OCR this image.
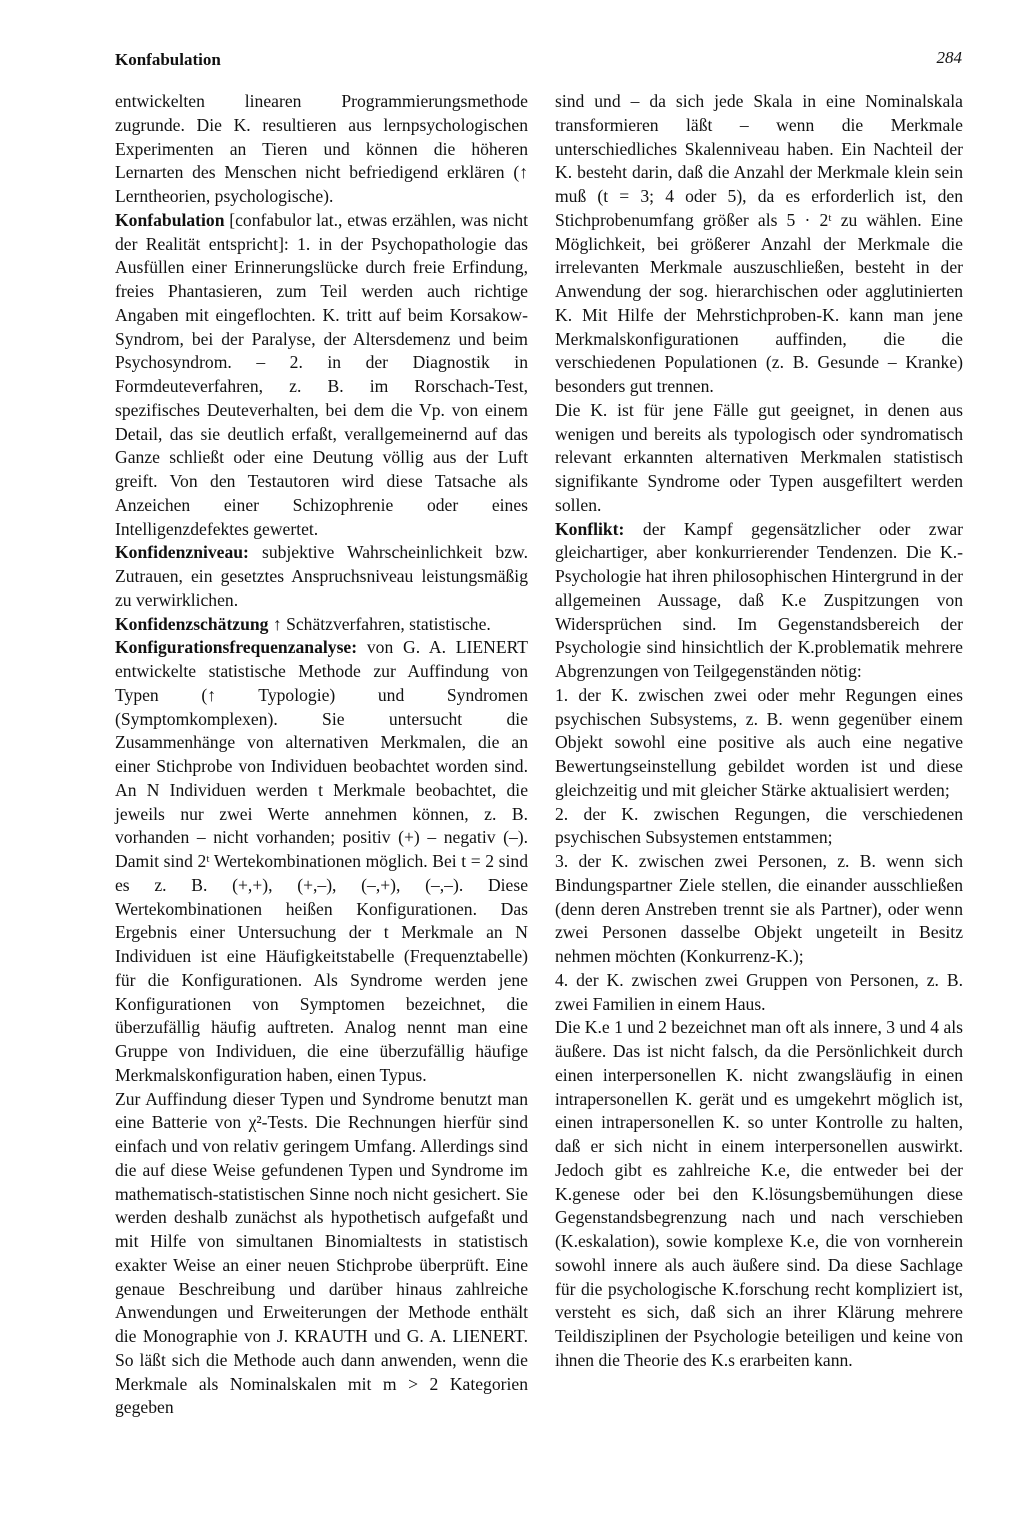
Konfabulation	284

entwickelten linearen Programmierungsmethode zugrunde. Die K. resultieren aus lernpsychologischen Experimenten an Tieren und können die höheren Lernarten des Menschen nicht befriedigend erklären (↑ Lerntheorien, psychologische).

Konfabulation [confabulor lat., etwas erzählen, was nicht der Realität entspricht]: 1. in der Psychopathologie das Ausfüllen einer Erinnerungslücke durch freie Erfindung, freies Phantasieren, zum Teil werden auch richtige Angaben mit eingeflochten. K. tritt auf beim Korsakow-Syndrom, bei der Paralyse, der Altersdemenz und beim Psychosyndrom. – 2. in der Diagnostik in Formdeuteverfahren, z. B. im Rorschach-Test, spezifisches Deuteverhalten, bei dem die Vp. von einem Detail, das sie deutlich erfaßt, verallgemeinernd auf das Ganze schließt oder eine Deutung völlig aus der Luft greift. Von den Testautoren wird diese Tatsache als Anzeichen einer Schizophrenie oder eines Intelligenzdefektes gewertet.

Konfidenzniveau: subjektive Wahrscheinlichkeit bzw. Zutrauen, ein gesetztes Anspruchsniveau leistungsmäßig zu verwirklichen.

Konfidenzschätzung ↑ Schätzverfahren, statistische.

Konfigurationsfrequenzanalyse: von G. A. LIENERT entwickelte statistische Methode zur Auffindung von Typen (↑ Typologie) und Syndromen (Symptomkomplexen). Sie untersucht die Zusammenhänge von alternativen Merkmalen, die an einer Stichprobe von Individuen beobachtet worden sind. An N Individuen werden t Merkmale beobachtet, die jeweils nur zwei Werte annehmen können, z. B. vorhanden – nicht vorhanden; positiv (+) – negativ (–). Damit sind 2ᵗ Wertekombinationen möglich. Bei t = 2 sind es z. B. (+,+), (+,–), (–,+), (–,–). Diese Wertekombinationen heißen Konfigurationen. Das Ergebnis einer Untersuchung der t Merkmale an N Individuen ist eine Häufigkeitstabelle (Frequenztabelle) für die Konfigurationen. Als Syndrome werden jene Konfigurationen von Symptomen bezeichnet, die überzufällig häufig auftreten. Analog nennt man eine Gruppe von Individuen, die eine überzufällig häufige Merkmalskonfiguration haben, einen Typus.

Zur Auffindung dieser Typen und Syndrome benutzt man eine Batterie von χ²-Tests. Die Rechnungen hierfür sind einfach und von relativ geringem Umfang. Allerdings sind die auf diese Weise gefundenen Typen und Syndrome im mathematisch-statistischen Sinne noch nicht gesichert. Sie werden deshalb zunächst als hypothetisch aufgefaßt und mit Hilfe von simultanen Binomialtests in statistisch exakter Weise an einer neuen Stichprobe überprüft. Eine genaue Beschreibung und darüber hinaus zahlreiche Anwendungen und Erweiterungen der Methode enthält die Monographie von J. KRAUTH und G. A. LIENERT. So läßt sich die Methode auch dann anwenden, wenn die Merkmale als Nominalskalen mit m > 2 Kategorien gegeben

sind und – da sich jede Skala in eine Nominalskala transformieren läßt – wenn die Merkmale unterschiedliches Skalenniveau haben. Ein Nachteil der K. besteht darin, daß die Anzahl der Merkmale klein sein muß (t = 3; 4 oder 5), da es erforderlich ist, den Stichprobenumfang größer als 5 · 2ᵗ zu wählen. Eine Möglichkeit, bei größerer Anzahl der Merkmale die irrelevanten Merkmale auszuschließen, besteht in der Anwendung der sog. hierarchischen oder agglutinierten K. Mit Hilfe der Mehrstichproben-K. kann man jene Merkmalskonfigurationen auffinden, die die verschiedenen Populationen (z. B. Gesunde – Kranke) besonders gut trennen.

Die K. ist für jene Fälle gut geeignet, in denen aus wenigen und bereits als typologisch oder syndromatisch relevant erkannten alternativen Merkmalen statistisch signifikante Syndrome oder Typen ausgefiltert werden sollen.

Konflikt: der Kampf gegensätzlicher oder zwar gleichartiger, aber konkurrierender Tendenzen. Die K.-Psychologie hat ihren philosophischen Hintergrund in der allgemeinen Aussage, daß K.e Zuspitzungen von Widersprüchen sind. Im Gegenstandsbereich der Psychologie sind hinsichtlich der K.problematik mehrere Abgrenzungen von Teilgegenständen nötig:

1. der K. zwischen zwei oder mehr Regungen eines psychischen Subsystems, z. B. wenn gegenüber einem Objekt sowohl eine positive als auch eine negative Bewertungseinstellung gebildet worden ist und diese gleichzeitig und mit gleicher Stärke aktualisiert werden;

2. der K. zwischen Regungen, die verschiedenen psychischen Subsystemen entstammen;

3. der K. zwischen zwei Personen, z. B. wenn sich Bindungspartner Ziele stellen, die einander ausschließen (denn deren Anstreben trennt sie als Partner), oder wenn zwei Personen dasselbe Objekt ungeteilt in Besitz nehmen möchten (Konkurrenz-K.);

4. der K. zwischen zwei Gruppen von Personen, z. B. zwei Familien in einem Haus.

Die K.e 1 und 2 bezeichnet man oft als innere, 3 und 4 als äußere. Das ist nicht falsch, da die Persönlichkeit durch einen interpersonellen K. nicht zwangsläufig in einen intrapersonellen K. gerät und es umgekehrt möglich ist, einen intrapersonellen K. so unter Kontrolle zu halten, daß er sich nicht in einem interpersonellen auswirkt. Jedoch gibt es zahlreiche K.e, die entweder bei der K.genese oder bei den K.lösungsbemühungen diese Gegenstandsbegrenzung nach und nach verschieben (K.eskalation), sowie komplexe K.e, die von vornherein sowohl innere als auch äußere sind. Da diese Sachlage für die psychologische K.forschung recht kompliziert ist, versteht es sich, daß sich an ihrer Klärung mehrere Teildisziplinen der Psychologie beteiligen und keine von ihnen die Theorie des K.s erarbeiten kann.
